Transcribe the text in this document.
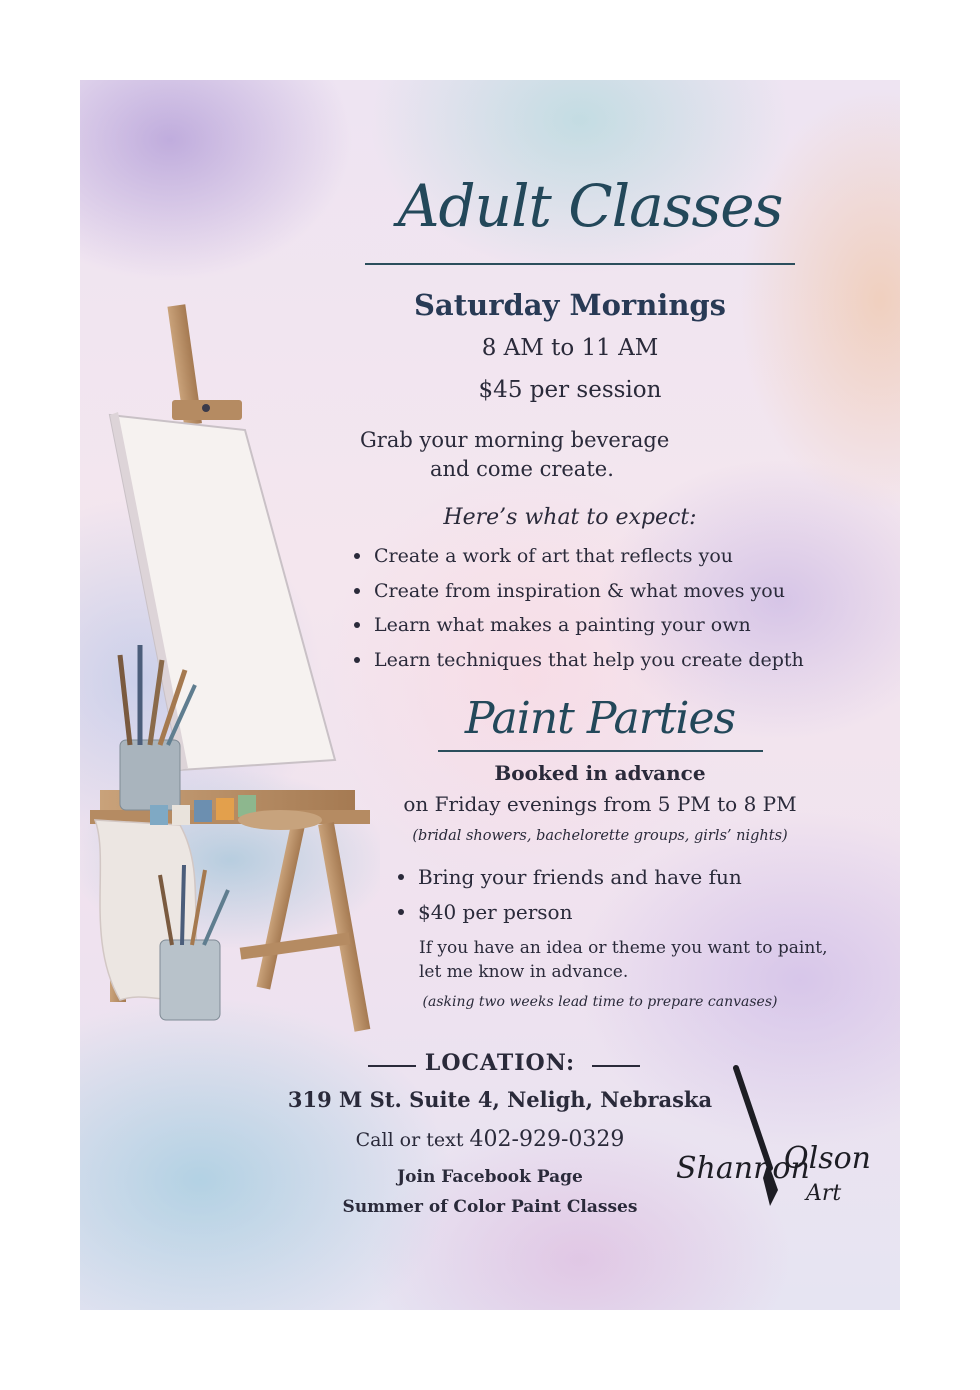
Adult Classes
Saturday Mornings
8 AM to 11 AM
$45 per session
Grab your morning beverage
and come create.
Here’s what to expect:
Create a work of art that reflects you
Create from inspiration & what moves you
Learn what makes a painting your own
Learn techniques that help you create depth
Paint Parties
Booked in advance
on Friday evenings from 5 PM to 8 PM
(bridal showers, bachelorette groups, girls’ nights)
Bring your friends and have fun
$40 per person
If you have an idea or theme you want to paint,
let me know in advance.
(asking two weeks lead time to prepare canvases)
LOCATION:
319 M St. Suite 4, Neligh, Nebraska
Call or text 402-929-0329
Join Facebook Page
Summer of Color Paint Classes
Shannon
Olson
Art
